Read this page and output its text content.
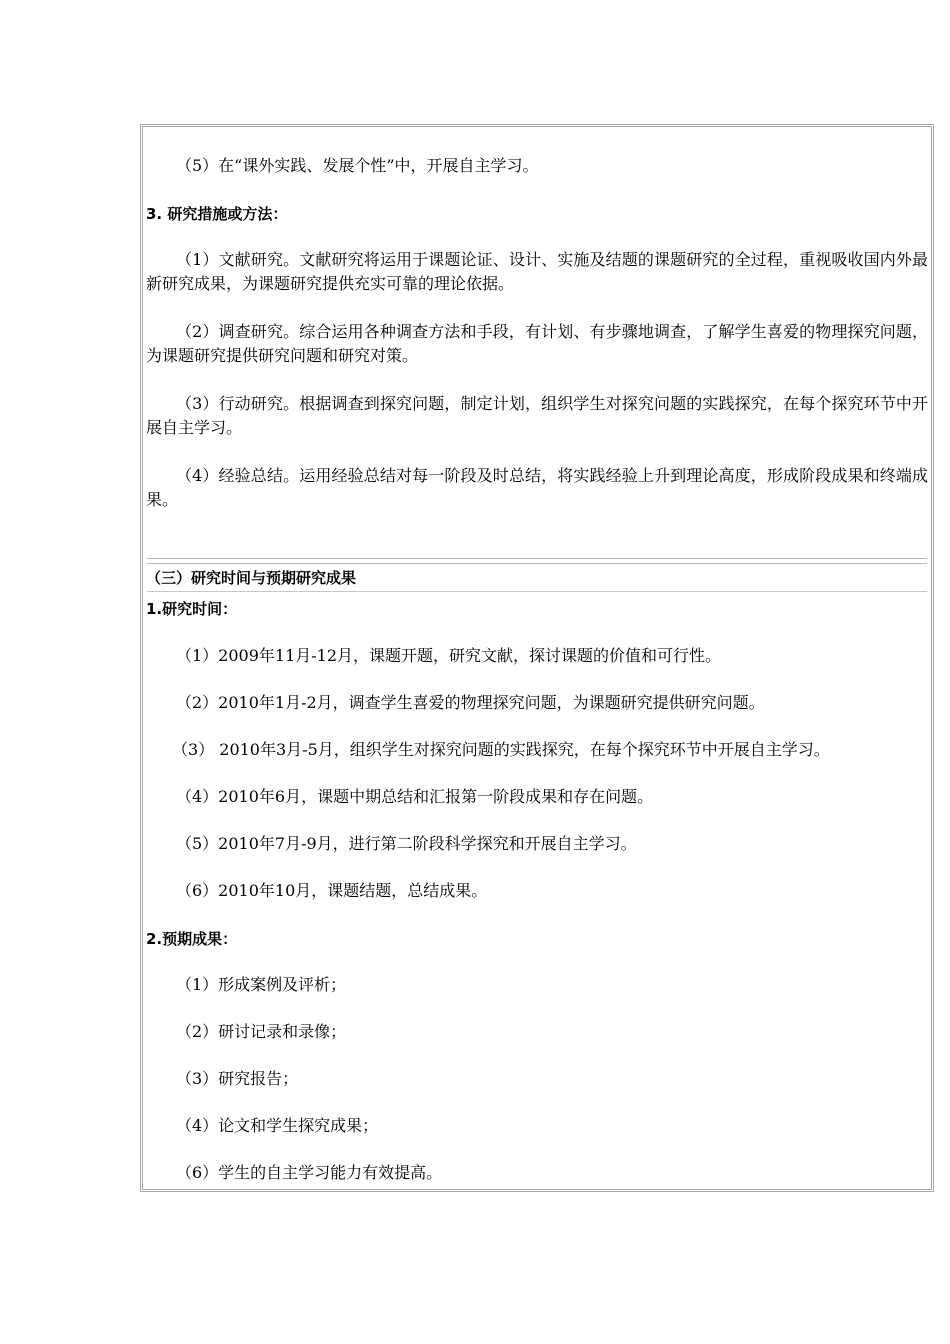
（5）在“课外实践、发展个性”中，开展自主学习。
3. 研究措施或方法：
（1）文献研究。文献研究将运用于课题论证、设计、实施及结题的课题研究的全过程，重视吸收国内外最新研究成果，为课题研究提供充实可靠的理论依据。
（2）调查研究。综合运用各种调查方法和手段，有计划、有步骤地调查，了解学生喜爱的物理探究问题，为课题研究提供研究问题和研究对策。
（3）行动研究。根据调查到探究问题，制定计划，组织学生对探究问题的实践探究，在每个探究环节中开展自主学习。
（4）经验总结。运用经验总结对每一阶段及时总结，将实践经验上升到理论高度，形成阶段成果和终端成果。
（三）研究时间与预期研究成果
1.研究时间：
（1）2009年11月-12月，课题开题，研究文献，探讨课题的价值和可行性。
（2）2010年1月-2月，调查学生喜爱的物理探究问题，为课题研究提供研究问题。
（3） 2010年3月-5月，组织学生对探究问题的实践探究，在每个探究环节中开展自主学习。
（4）2010年6月，课题中期总结和汇报第一阶段成果和存在问题。
（5）2010年7月-9月，进行第二阶段科学探究和开展自主学习。
（6）2010年10月，课题结题，总结成果。
2.预期成果：
（1）形成案例及评析；
（2）研讨记录和录像；
（3）研究报告；
（4）论文和学生探究成果；
（6）学生的自主学习能力有效提高。
